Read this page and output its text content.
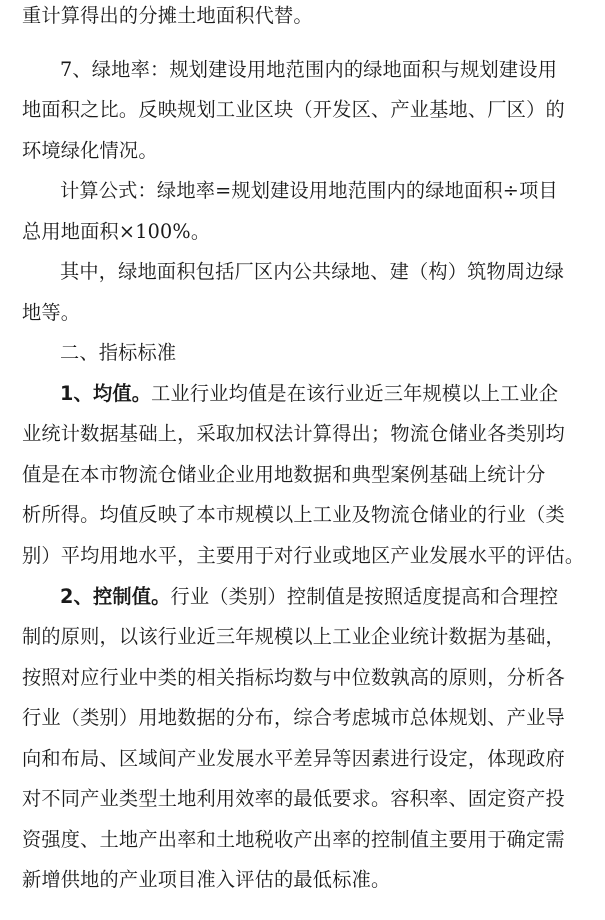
重计算得出的分摊土地面积代替。
7、绿地率：规划建设用地范围内的绿地面积与规划建设用
地面积之比。反映规划工业区块（开发区、产业基地、厂区）的
环境绿化情况。
计算公式：绿地率=规划建设用地范围内的绿地面积÷项目
总用地面积×100%。
其中，绿地面积包括厂区内公共绿地、建（构）筑物周边绿
地等。
二、指标标准
1、均值。工业行业均值是在该行业近三年规模以上工业企
业统计数据基础上，采取加权法计算得出；物流仓储业各类别均
值是在本市物流仓储业企业用地数据和典型案例基础上统计分
析所得。均值反映了本市规模以上工业及物流仓储业的行业（类
别）平均用地水平，主要用于对行业或地区产业发展水平的评估。
2、控制值。行业（类别）控制值是按照适度提高和合理控
制的原则，以该行业近三年规模以上工业企业统计数据为基础，
按照对应行业中类的相关指标均数与中位数孰高的原则，分析各
行业（类别）用地数据的分布，综合考虑城市总体规划、产业导
向和布局、区域间产业发展水平差异等因素进行设定，体现政府
对不同产业类型土地利用效率的最低要求。容积率、固定资产投
资强度、土地产出率和土地税收产出率的控制值主要用于确定需
新增供地的产业项目准入评估的最低标准。
